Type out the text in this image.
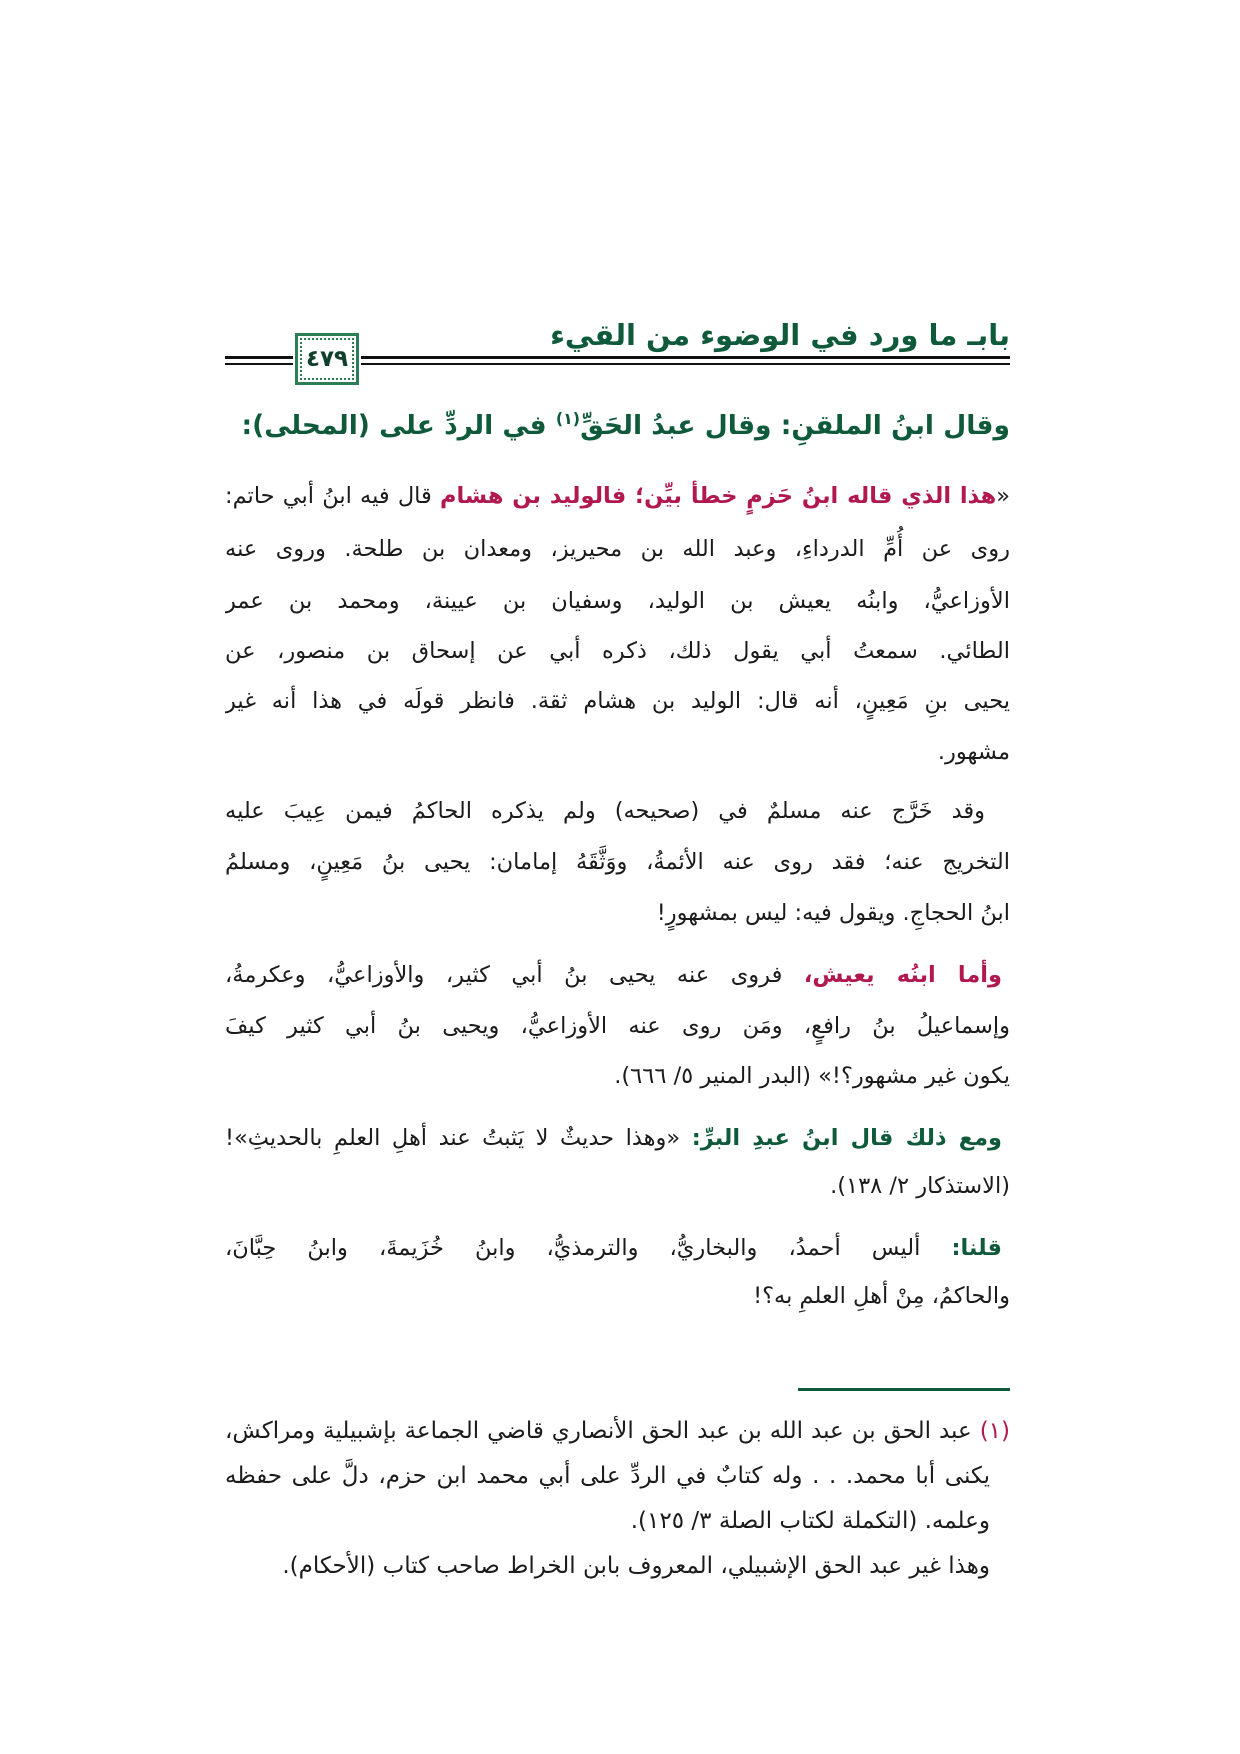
بابـ ما ورد في الوضوء من القيء
٤٧٩
وقال ابنُ الملقنِ: وقال عبدُ الحَقِّ$^{(١)}$ في الردِّ على (المحلى):
«هذا الذي قاله ابنُ حَزمٍ خطأ بيِّن؛ فالوليد بن هشام قال فيه ابنُ أبي حاتم:
روى عن أُمِّ الدرداءِ، وعبد الله بن محيريز، ومعدان بن طلحة. وروى عنه
الأوزاعيُّ، وابنُه يعيش بن الوليد، وسفيان بن عيينة، ومحمد بن عمر
الطائي. سمعتُ أبي يقول ذلك، ذكره أبي عن إسحاق بن منصور، عن
يحيى بنِ مَعِينٍ، أنه قال: الوليد بن هشام ثقة. فانظر قولَه في هذا أنه غير
مشهور.
وقد خَرَّج عنه مسلمٌ في (صحيحه) ولم يذكره الحاكمُ فيمن عِيبَ عليه
التخريج عنه؛ فقد روى عنه الأئمةُ، ووَثَّقَهُ إمامان: يحيى بنُ مَعِينٍ، ومسلمُ
ابنُ الحجاجِ. ويقول فيه: ليس بمشهورٍ!
وأما ابنُه يعيش، فروى عنه يحيى بنُ أبي كثير، والأوزاعيُّ، وعكرمةُ،
وإسماعيلُ بنُ رافعٍ، ومَن روى عنه الأوزاعيُّ، ويحيى بنُ أبي كثير كيفَ
يكون غير مشهور؟!» (البدر المنير ٥/ ٦٦٦).
ومع ذلك قال ابنُ عبدِ البرِّ: «وهذا حديثٌ لا يَثبتُ عند أهلِ العلمِ بالحديثِ»!
(الاستذكار ٢/ ١٣٨).
قلنا: أليس أحمدُ، والبخاريُّ، والترمذيُّ، وابنُ خُزَيمةَ، وابنُ حِبَّانَ،
والحاكمُ، مِنْ أهلِ العلمِ به؟!
(١) عبد الحق بن عبد الله بن عبد الحق الأنصاري قاضي الجماعة بإشبيلية ومراكش،
يكنى أبا محمد. . . وله كتابٌ في الردِّ على أبي محمد ابن حزم، دلَّ على حفظه
وعلمه. (التكملة لكتاب الصلة ٣/ ١٢٥).
وهذا غير عبد الحق الإشبيلي، المعروف بابن الخراط صاحب كتاب (الأحكام).
